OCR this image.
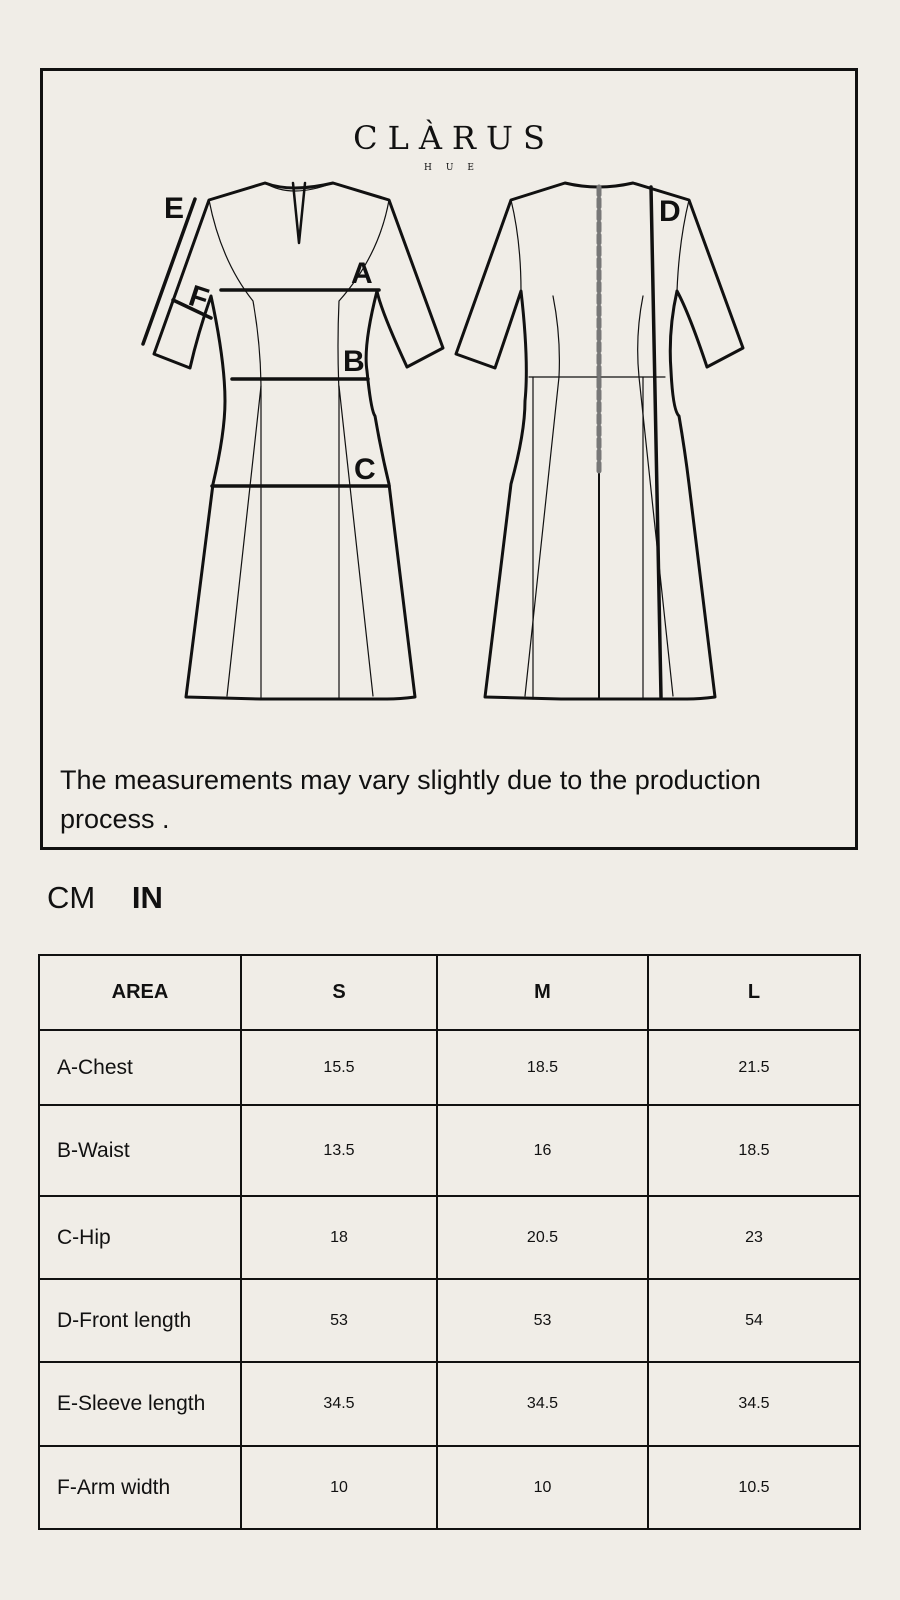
CLÀRUS
HUE
A
B
C
D
E
F
The measurements may vary slightly due to the production process .
CM IN
AREA	S	M	L
A-Chest	15.5	18.5	21.5
B-Waist	13.5	16	18.5
C-Hip	18	20.5	23
D-Front length	53	53	54
E-Sleeve length	34.5	34.5	34.5
F-Arm width	10	10	10.5
